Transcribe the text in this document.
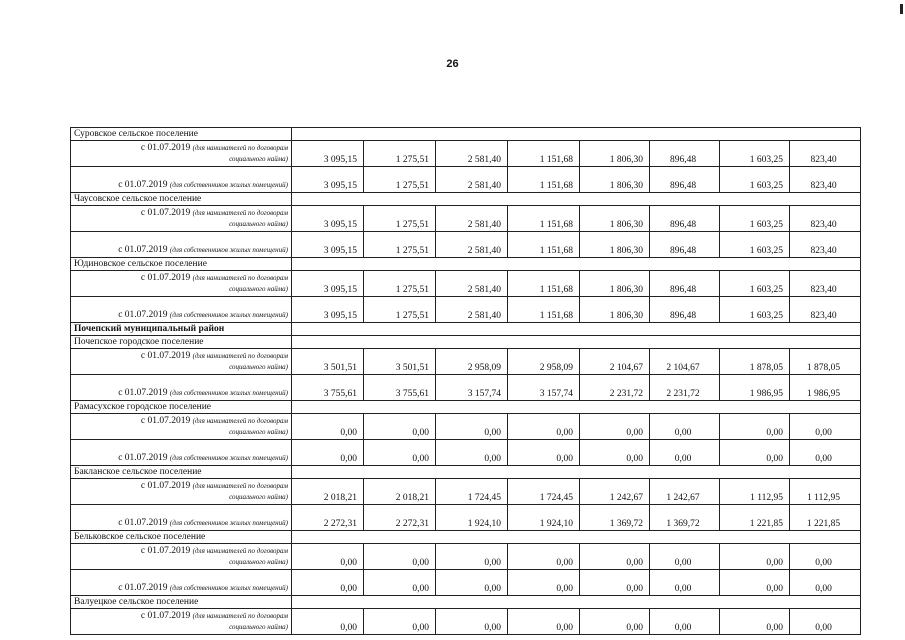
26
Суровское сельское поселение								

с 01.07.2019 (для нанимателей по договорам
социального найма)	3 095,15	1 275,51	2 581,40	1 151,68	1 806,30	896,48	1 603,25	823,40
с 01.07.2019 (для собственников жилых помещений)	3 095,15	1 275,51	2 581,40	1 151,68	1 806,30	896,48	1 603,25	823,40
Чаусовское сельское поселение								

с 01.07.2019 (для нанимателей по договорам
социального найма)	3 095,15	1 275,51	2 581,40	1 151,68	1 806,30	896,48	1 603,25	823,40
с 01.07.2019 (для собственников жилых помещений)	3 095,15	1 275,51	2 581,40	1 151,68	1 806,30	896,48	1 603,25	823,40
Юдиновское сельское поселение								

с 01.07.2019 (для нанимателей по договорам
социального найма)	3 095,15	1 275,51	2 581,40	1 151,68	1 806,30	896,48	1 603,25	823,40
с 01.07.2019 (для собственников жилых помещений)	3 095,15	1 275,51	2 581,40	1 151,68	1 806,30	896,48	1 603,25	823,40
Почепский муниципальный район								
Почепское городское поселение								

с 01.07.2019 (для нанимателей по договорам
социального найма)	3 501,51	3 501,51	2 958,09	2 958,09	2 104,67	2 104,67	1 878,05	1 878,05
с 01.07.2019 (для собственников жилых помещений)	3 755,61	3 755,61	3 157,74	3 157,74	2 231,72	2 231,72	1 986,95	1 986,95
Рамасухское городское поселение								

с 01.07.2019 (для нанимателей по договорам
социального найма)	0,00	0,00	0,00	0,00	0,00	0,00	0,00	0,00
с 01.07.2019 (для собственников жилых помещений)	0,00	0,00	0,00	0,00	0,00	0,00	0,00	0,00
Бакланское сельское поселение								

с 01.07.2019 (для нанимателей по договорам
социального найма)	2 018,21	2 018,21	1 724,45	1 724,45	1 242,67	1 242,67	1 112,95	1 112,95
с 01.07.2019 (для собственников жилых помещений)	2 272,31	2 272,31	1 924,10	1 924,10	1 369,72	1 369,72	1 221,85	1 221,85
Бельковское сельское поселение								

с 01.07.2019 (для нанимателей по договорам
социального найма)	0,00	0,00	0,00	0,00	0,00	0,00	0,00	0,00
с 01.07.2019 (для собственников жилых помещений)	0,00	0,00	0,00	0,00	0,00	0,00	0,00	0,00
Валуецкое сельское поселение								

с 01.07.2019 (для нанимателей по договорам
социального найма)	0,00	0,00	0,00	0,00	0,00	0,00	0,00	0,00
